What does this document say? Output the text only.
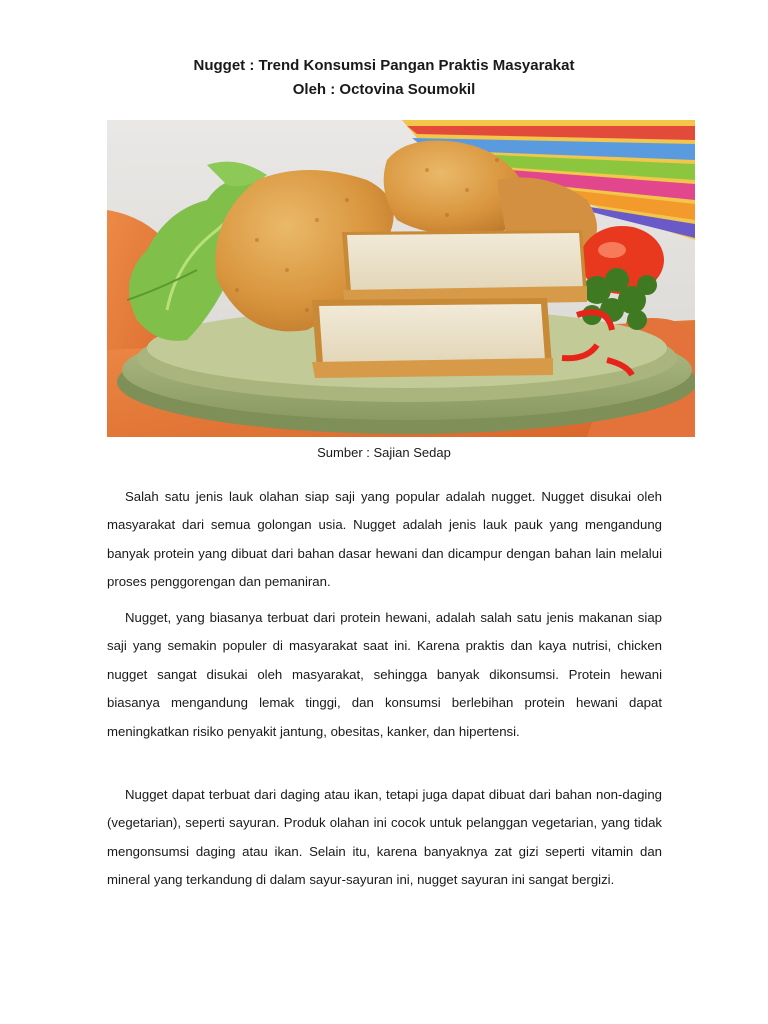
Nugget : Trend Konsumsi Pangan Praktis Masyarakat
Oleh : Octovina Soumokil
Sumber : Sajian Sedap

Salah satu jenis lauk olahan siap saji yang popular adalah nugget. Nugget disukai oleh masyarakat dari semua golongan usia. Nugget adalah jenis lauk pauk yang mengandung banyak protein yang dibuat dari bahan dasar hewani dan dicampur dengan bahan lain melalui proses penggorengan dan pemaniran.

Nugget, yang biasanya terbuat dari protein hewani, adalah salah satu jenis makanan siap saji yang semakin populer di masyarakat saat ini. Karena praktis dan kaya nutrisi, chicken nugget sangat disukai oleh masyarakat, sehingga banyak dikonsumsi. Protein hewani biasanya mengandung lemak tinggi, dan konsumsi berlebihan protein hewani dapat meningkatkan risiko penyakit jantung, obesitas, kanker, dan hipertensi.

Nugget dapat terbuat dari daging atau ikan, tetapi juga dapat dibuat dari bahan non-daging (vegetarian), seperti sayuran. Produk olahan ini cocok untuk pelanggan vegetarian, yang tidak mengonsumsi daging atau ikan. Selain itu, karena banyaknya zat gizi seperti vitamin dan mineral yang terkandung di dalam sayur-sayuran ini, nugget sayuran ini sangat bergizi.
